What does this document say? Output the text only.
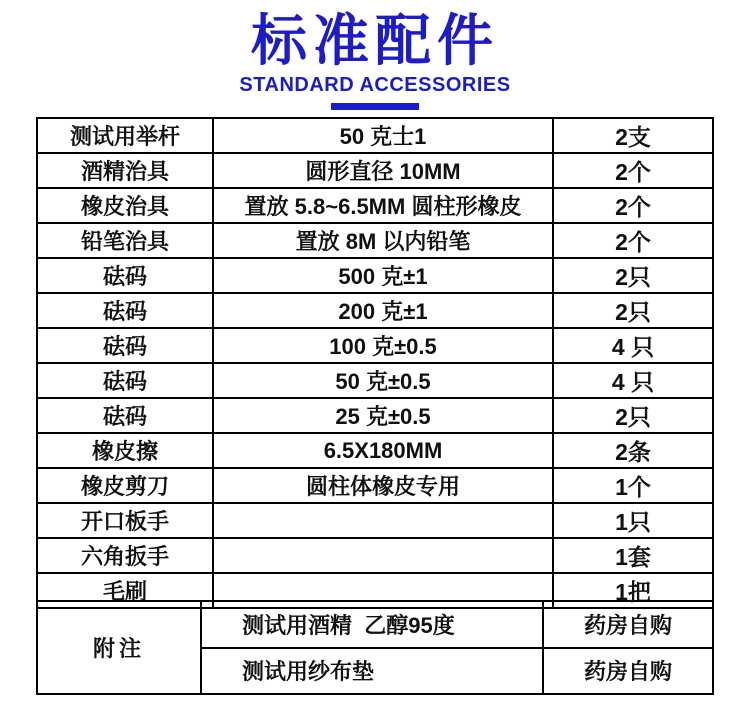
标准配件
STANDARD ACCESSORIES
测试用举杆	50 克士1	2支
酒精治具	圆形直径 10MM	2个
橡皮治具	置放 5.8~6.5MM 圆柱形橡皮	2个
铅笔治具	置放 8M 以内铅笔	2个
砝码	500 克±1	2只
砝码	200 克±1	2只
砝码	100 克±0.5	4 只
砝码	50 克±0.5	4 只
砝码	25 克±0.5	2只
橡皮擦	6.5X180MM	2条
橡皮剪刀	圆柱体橡皮专用	1个
开口板手		1只
六角扳手		1套
毛刷		1把
附注	测试用酒精  乙醇95度	药房自购
	测试用纱布垫	药房自购
